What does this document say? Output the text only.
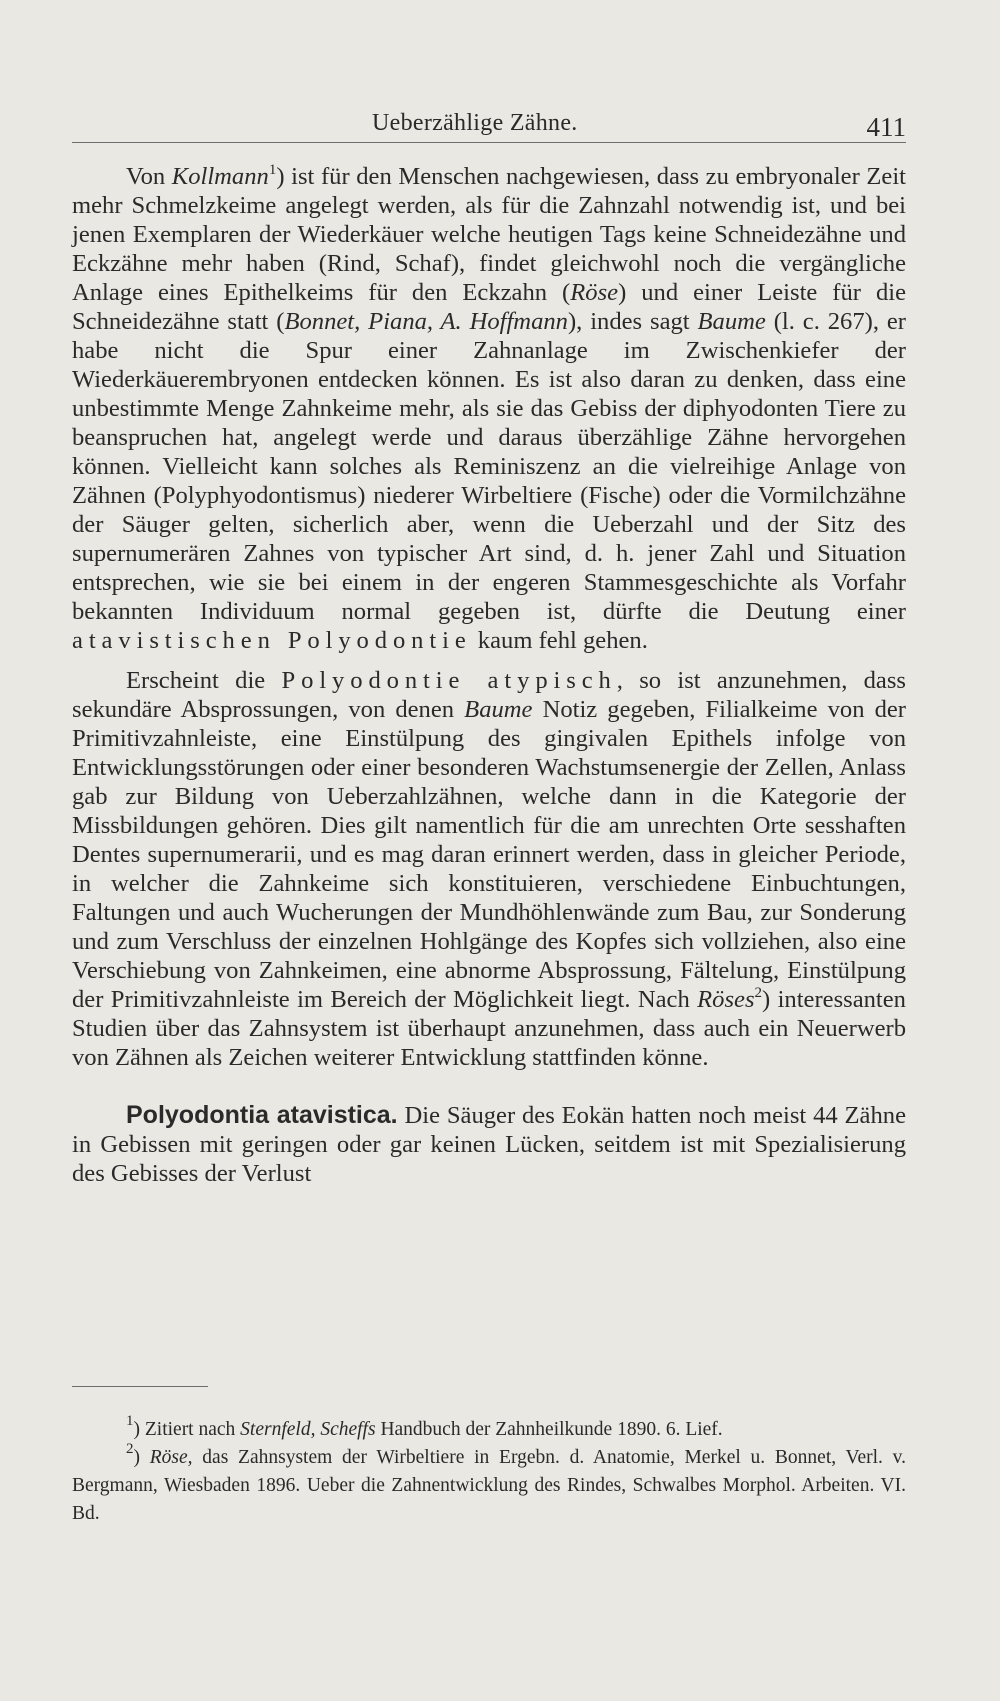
Ueberzählige Zähne.	411

Von Kollmann$^1$) ist für den Menschen nachgewiesen, dass zu embryonaler Zeit mehr Schmelzkeime angelegt werden, als für die Zahnzahl notwendig ist, und bei jenen Exemplaren der Wiederkäuer welche heutigen Tags keine Schneidezähne und Eckzähne mehr haben (Rind, Schaf), findet gleichwohl noch die vergängliche Anlage eines Epithelkeims für den Eckzahn (Röse) und einer Leiste für die Schneidezähne statt (Bonnet, Piana, A. Hoffmann), indes sagt Baume (l. c. 267), er habe nicht die Spur einer Zahnanlage im Zwischenkiefer der Wiederkäuerembryonen entdecken können. Es ist also daran zu denken, dass eine unbestimmte Menge Zahnkeime mehr, als sie das Gebiss der diphyodonten Tiere zu beanspruchen hat, angelegt werde und daraus überzählige Zähne hervorgehen können. Vielleicht kann solches als Reminiszenz an die vielreihige Anlage von Zähnen (Polyphyodontismus) niederer Wirbeltiere (Fische) oder die Vormilchzähne der Säuger gelten, sicherlich aber, wenn die Ueberzahl und der Sitz des supernumerären Zahnes von typischer Art sind, d. h. jener Zahl und Situation entsprechen, wie sie bei einem in der engeren Stammesgeschichte als Vorfahr bekannten Individuum normal gegeben ist, dürfte die Deutung einer atavistischen Polyodontie kaum fehl gehen.

Erscheint die Polyodontie atypisch, so ist anzunehmen, dass sekundäre Absprossungen, von denen Baume Notiz gegeben, Filialkeime von der Primitivzahnleiste, eine Einstülpung des gingivalen Epithels infolge von Entwicklungsstörungen oder einer besonderen Wachstumsenergie der Zellen, Anlass gab zur Bildung von Ueberzahlzähnen, welche dann in die Kategorie der Missbildungen gehören. Dies gilt namentlich für die am unrechten Orte sesshaften Dentes supernumerarii, und es mag daran erinnert werden, dass in gleicher Periode, in welcher die Zahnkeime sich konstituieren, verschiedene Einbuchtungen, Faltungen und auch Wucherungen der Mundhöhlenwände zum Bau, zur Sonderung und zum Verschluss der einzelnen Hohlgänge des Kopfes sich vollziehen, also eine Verschiebung von Zahnkeimen, eine abnorme Absprossung, Fältelung, Einstülpung der Primitivzahnleiste im Bereich der Möglichkeit liegt. Nach Röses$^2$) interessanten Studien über das Zahnsystem ist überhaupt anzunehmen, dass auch ein Neuerwerb von Zähnen als Zeichen weiterer Entwicklung stattfinden könne.

Polyodontia atavistica. Die Säuger des Eokän hatten noch meist 44 Zähne in Gebissen mit geringen oder gar keinen Lücken, seitdem ist mit Spezialisierung des Gebisses der Verlust

$^1$) Zitiert nach Sternfeld, Scheffs Handbuch der Zahnheilkunde 1890. 6. Lief.

$^2$) Röse, das Zahnsystem der Wirbeltiere in Ergebn. d. Anatomie, Merkel u. Bonnet, Verl. v. Bergmann, Wiesbaden 1896. Ueber die Zahnentwicklung des Rindes, Schwalbes Morphol. Arbeiten. VI. Bd.
